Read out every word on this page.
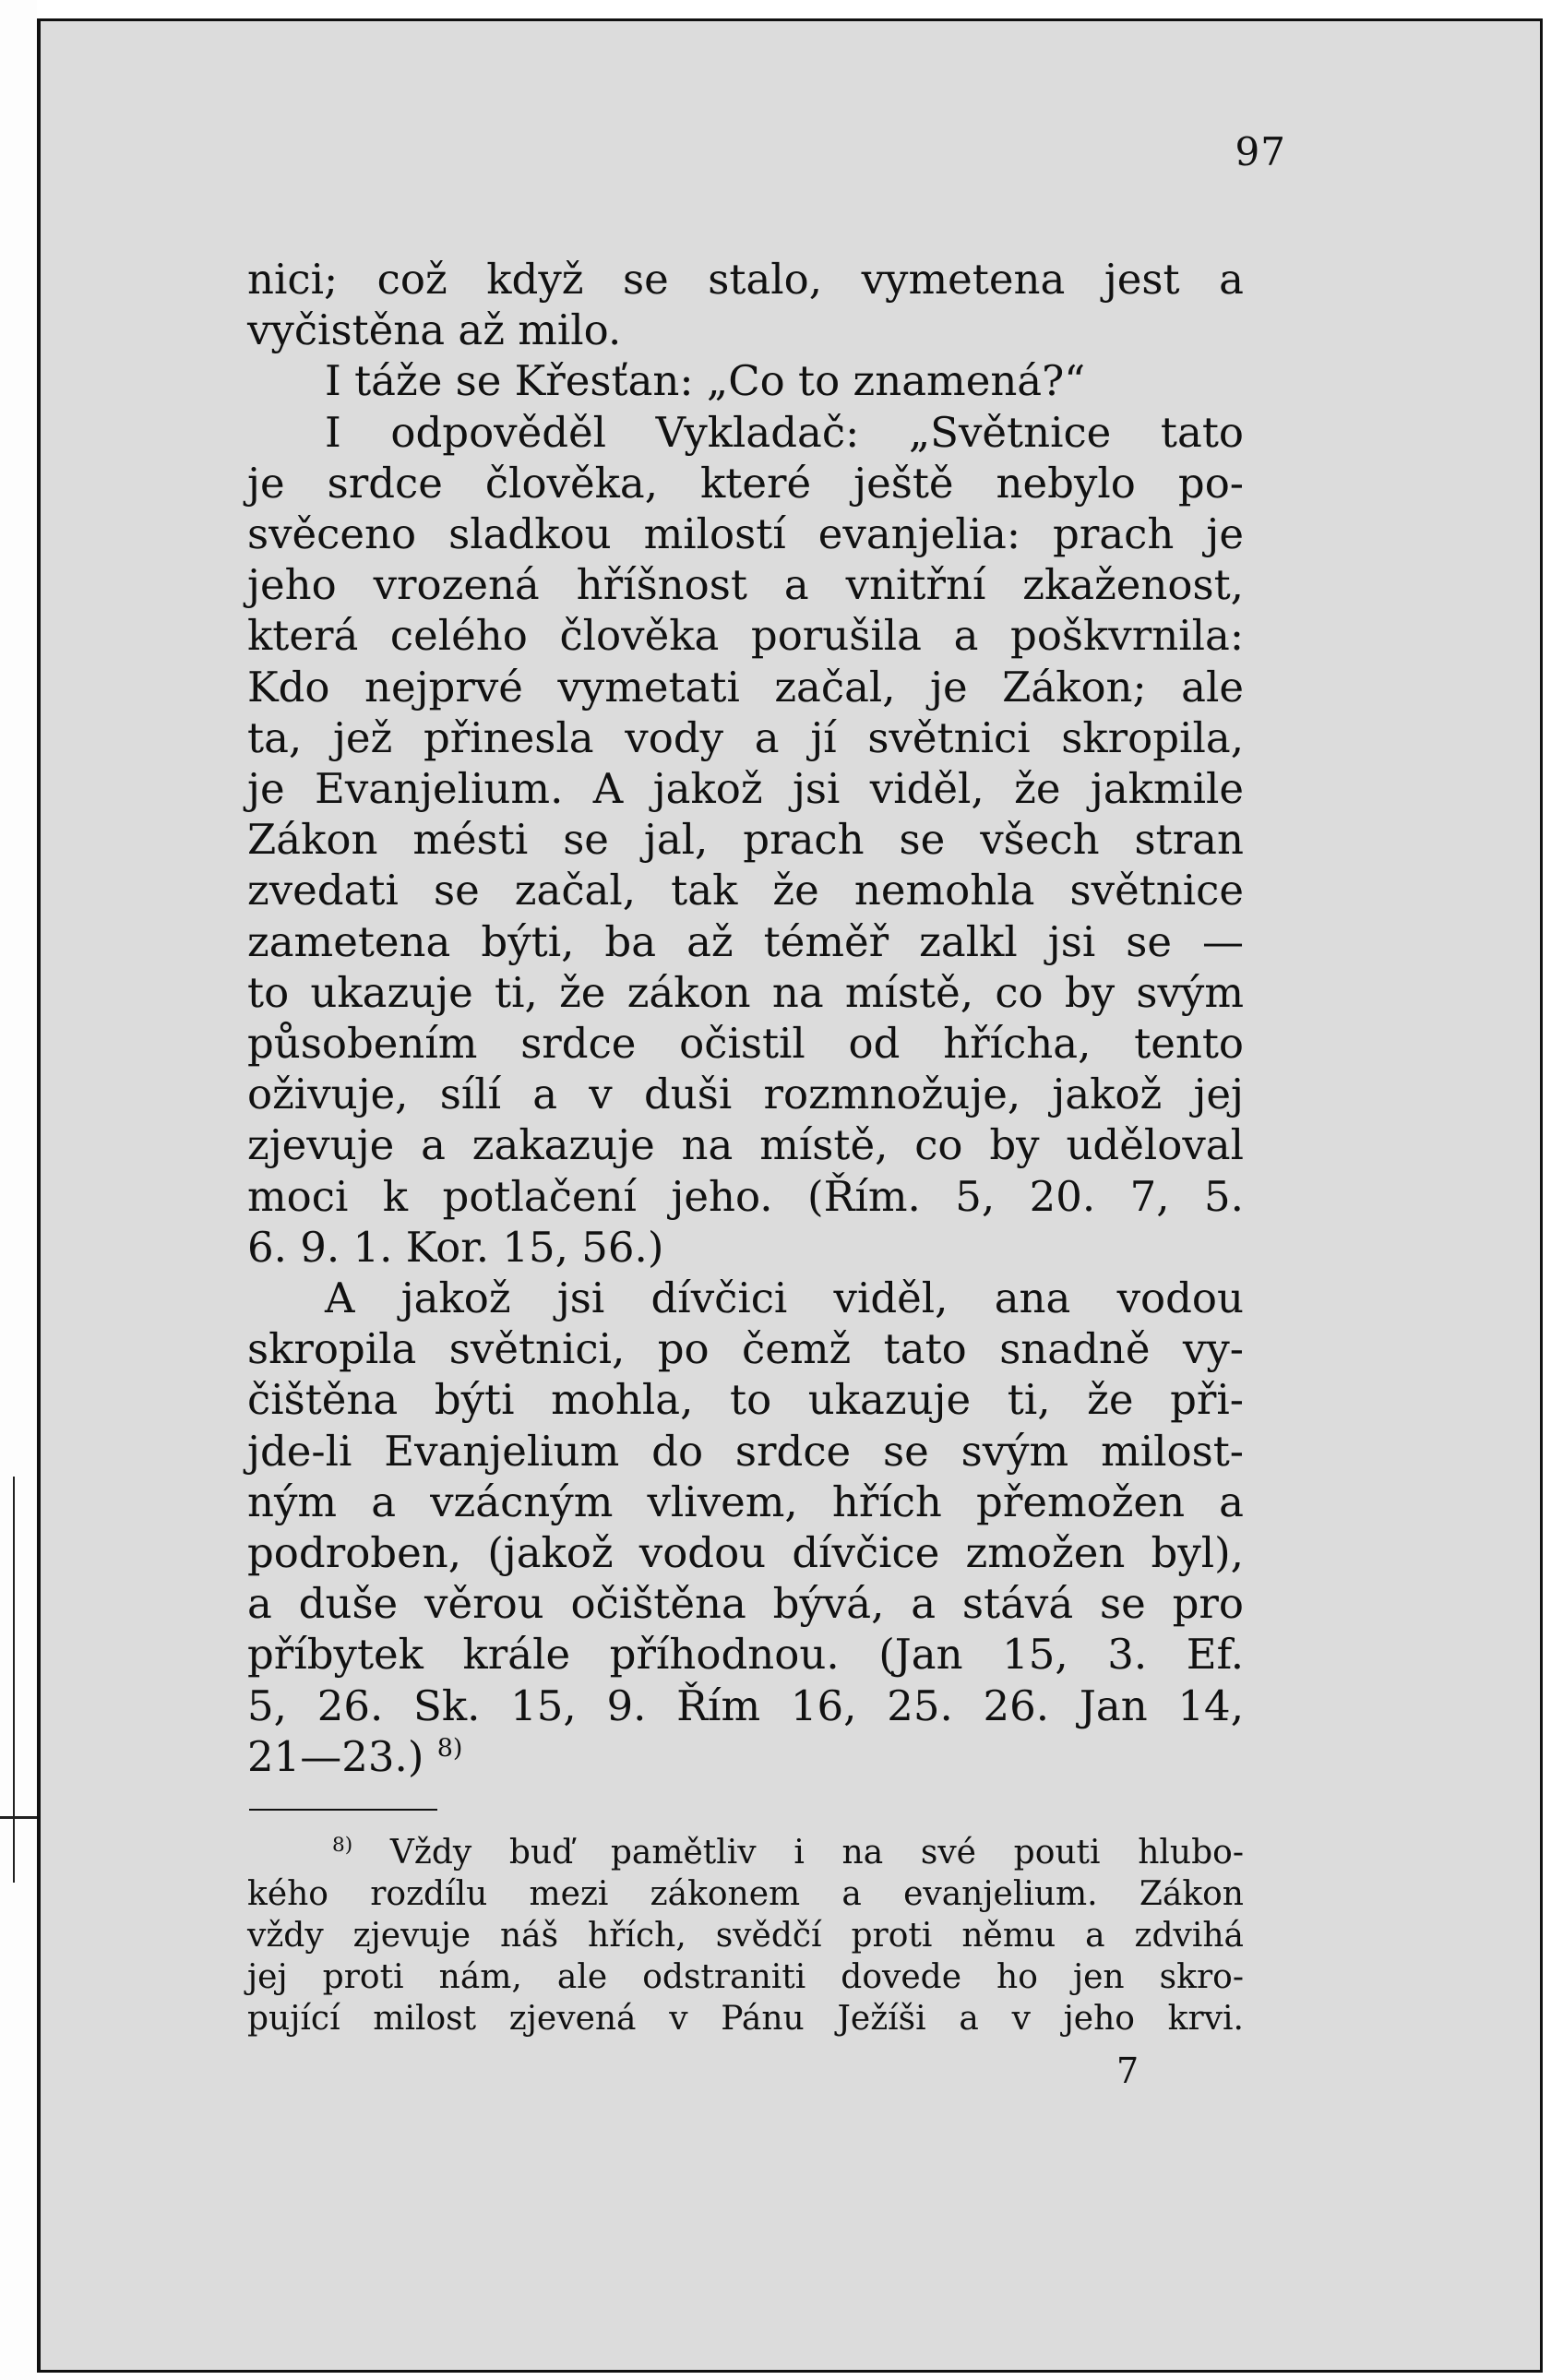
97
nici; což když se stalo, vymetena jest a
vyčistěna až milo.
I táže se Křesťan: „Co to znamená?“
I odpověděl Vykladač: „Světnice tato
je srdce člověka, které ještě nebylo po-
svěceno sladkou milostí evanjelia: prach je
jeho vrozená hříšnost a vnitřní zkaženost,
která celého člověka porušila a poškvrnila:
Kdo nejprvé vymetati začal, je Zákon; ale
ta, jež přinesla vody a jí světnici skropila,
je Evanjelium. A jakož jsi viděl, že jakmile
Zákon mésti se jal, prach se všech stran
zvedati se začal, tak že nemohla světnice
zametena býti, ba až téměř zalkl jsi se —
to ukazuje ti, že zákon na místě, co by svým
působením srdce očistil od hřícha, tento
oživuje, sílí a v duši rozmnožuje, jakož jej
zjevuje a zakazuje na místě, co by uděloval
moci k potlačení jeho. (Řím. 5, 20. 7, 5.
6. 9. 1. Kor. 15, 56.)
A jakož jsi dívčici viděl, ana vodou
skropila světnici, po čemž tato snadně vy-
čištěna býti mohla, to ukazuje ti, že při-
jde-li Evanjelium do srdce se svým milost-
ným a vzácným vlivem, hřích přemožen a
podroben, (jakož vodou dívčice zmožen byl),
a duše věrou očištěna bývá, a stává se pro
příbytek krále příhodnou. (Jan 15, 3. Ef.
5, 26. Sk. 15, 9. Řím 16, 25. 26. Jan 14,
21—23.) $^{8)}$
$^{8)}$ Vždy buď pamětliv i na své pouti hlubo-
kého rozdílu mezi zákonem a evanjelium. Zákon
vždy zjevuje náš hřích, svědčí proti němu a zdvihá
jej proti nám, ale odstraniti dovede ho jen skro-
pující milost zjevená v Pánu Ježíši a v jeho krvi.
7
